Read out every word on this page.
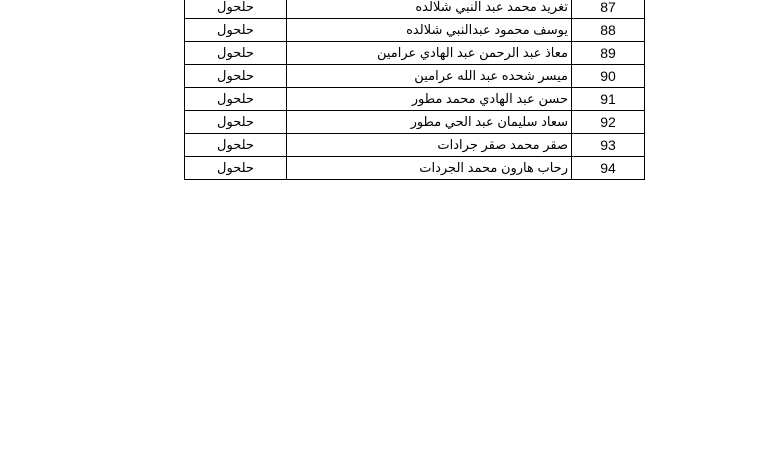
حلحول	تغريد محمد عبد النبي شلالده	87
حلحول	يوسف محمود عبدالنبي شلالده	88
حلحول	معاذ عبد الرحمن عبد الهادي عرامين	89
حلحول	ميسر شحده عبد الله عرامين	90
حلحول	حسن عبد الهادي محمد مطور	91
حلحول	سعاد سليمان عبد الحي مطور	92
حلحول	صقر محمد صقر جرادات	93
حلحول	رحاب هارون محمد الجردات	94
